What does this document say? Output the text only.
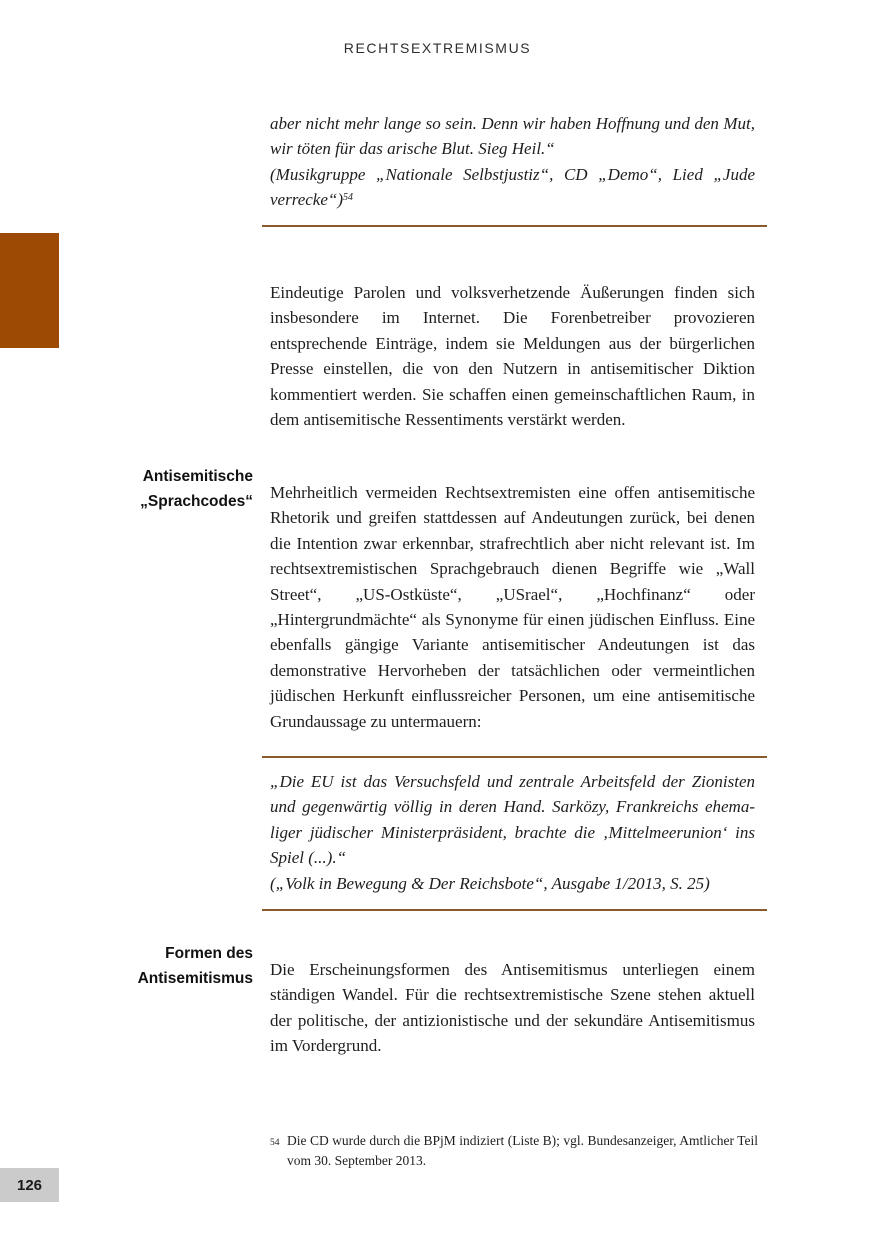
RECHTSEXTREMISMUS

aber nicht mehr lange so sein. Denn wir haben Hoffnung und den Mut, wir töten für das arische Blut. Sieg Heil.“

(Musikgruppe „Nationale Selbstjustiz“, CD „Demo“, Lied „Jude verrecke“)$^{54}$

Eindeutige Parolen und volksverhetzende Äußerungen finden sich insbesondere im Internet. Die Forenbetreiber provozieren entsprechende Einträge, indem sie Meldungen aus der bürgerlichen Presse einstellen, die von den Nutzern in antisemitischer Diktion kommentiert werden. Sie schaffen einen gemeinschaftlichen Raum, in dem antisemitische Ressentiments verstärkt werden.

Antisemitische
„Sprachcodes“ Mehrheitlich vermeiden Rechtsextremisten eine offen antisemitische Rhetorik und greifen stattdessen auf Andeutungen zurück, bei denen die Intention zwar erkennbar, strafrechtlich aber nicht relevant ist. Im rechtsextremistischen Sprachgebrauch dienen Begriffe wie „Wall Street“, „US-Ostküste“, „USrael“, „Hochfinanz“ oder „Hintergrundmächte“ als Synonyme für einen jüdischen Einfluss. Eine ebenfalls gängige Variante antisemitischer Andeutungen ist das demonstrative Hervorheben der tatsächlichen oder vermeintlichen jüdischen Herkunft einflussreicher Personen, um eine antisemitische Grundaussage zu untermauern:

„Die EU ist das Versuchsfeld und zentrale Arbeitsfeld der Zionisten und gegenwärtig völlig in deren Hand. Sarközy, Frankreichs ehemaliger jüdischer Ministerpräsident, brachte die ‚Mittelmeerunion‘ ins Spiel (...).“

(„Volk in Bewegung & Der Reichsbote“, Ausgabe 1/2013, S. 25)

Formen des
Antisemitismus Die Erscheinungsformen des Antisemitismus unterliegen einem ständigen Wandel. Für die rechtsextremistische Szene stehen aktuell der politische, der antizionistische und der sekundäre Antisemitismus im Vordergrund.

54 Die CD wurde durch die BPjM indiziert (Liste B); vgl. Bundesanzeiger, Amtlicher Teil vom 30. September 2013.
126
